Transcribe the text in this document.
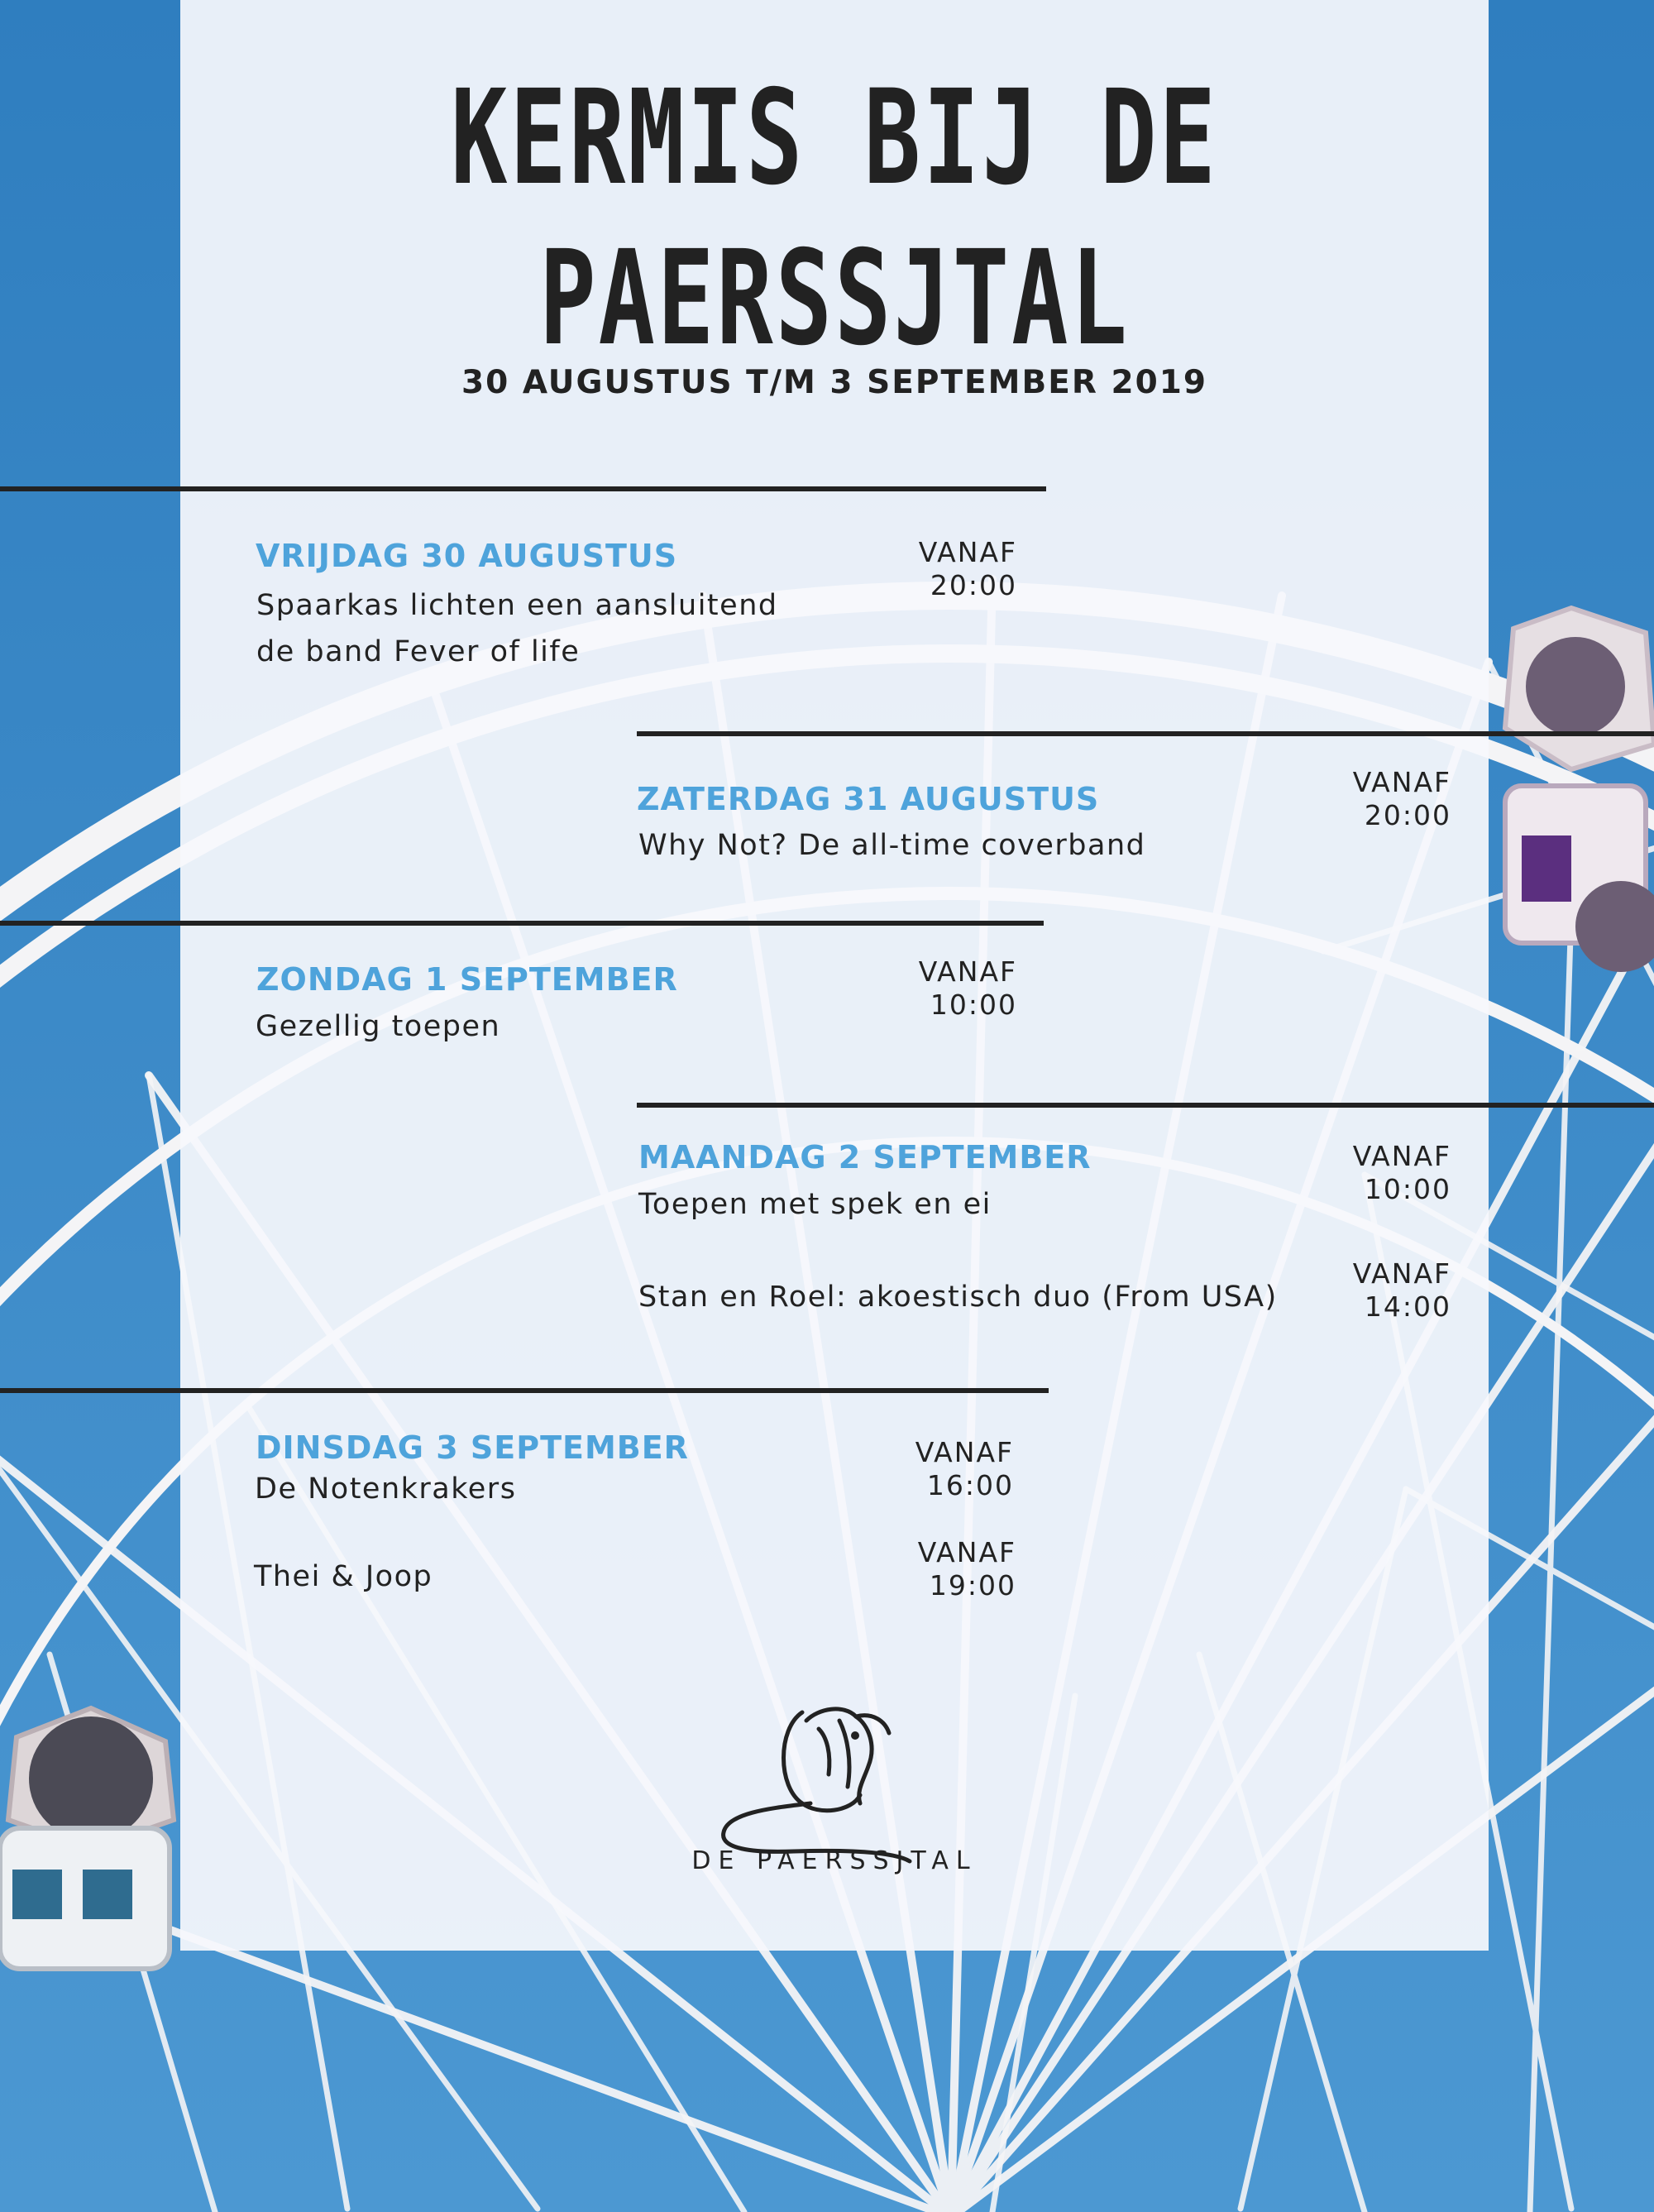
KERMIS BIJ DE
PAERSSJTAL
30 AUGUSTUS T/M 3 SEPTEMBER 2019
VRIJDAG 30 AUGUSTUS
Spaarkas lichten een aansluitend
de band Fever of life
VANAF
20:00
ZATERDAG 31 AUGUSTUS
Why Not? De all-time coverband
VANAF
20:00
ZONDAG 1 SEPTEMBER
Gezellig toepen
VANAF
10:00
MAANDAG 2 SEPTEMBER
Toepen met spek en ei
VANAF
10:00
Stan en Roel: akoestisch duo (From USA)
VANAF
14:00
DINSDAG 3 SEPTEMBER
De Notenkrakers
VANAF
16:00
Thei & Joop
VANAF
19:00
DE PAERSSJTAL
